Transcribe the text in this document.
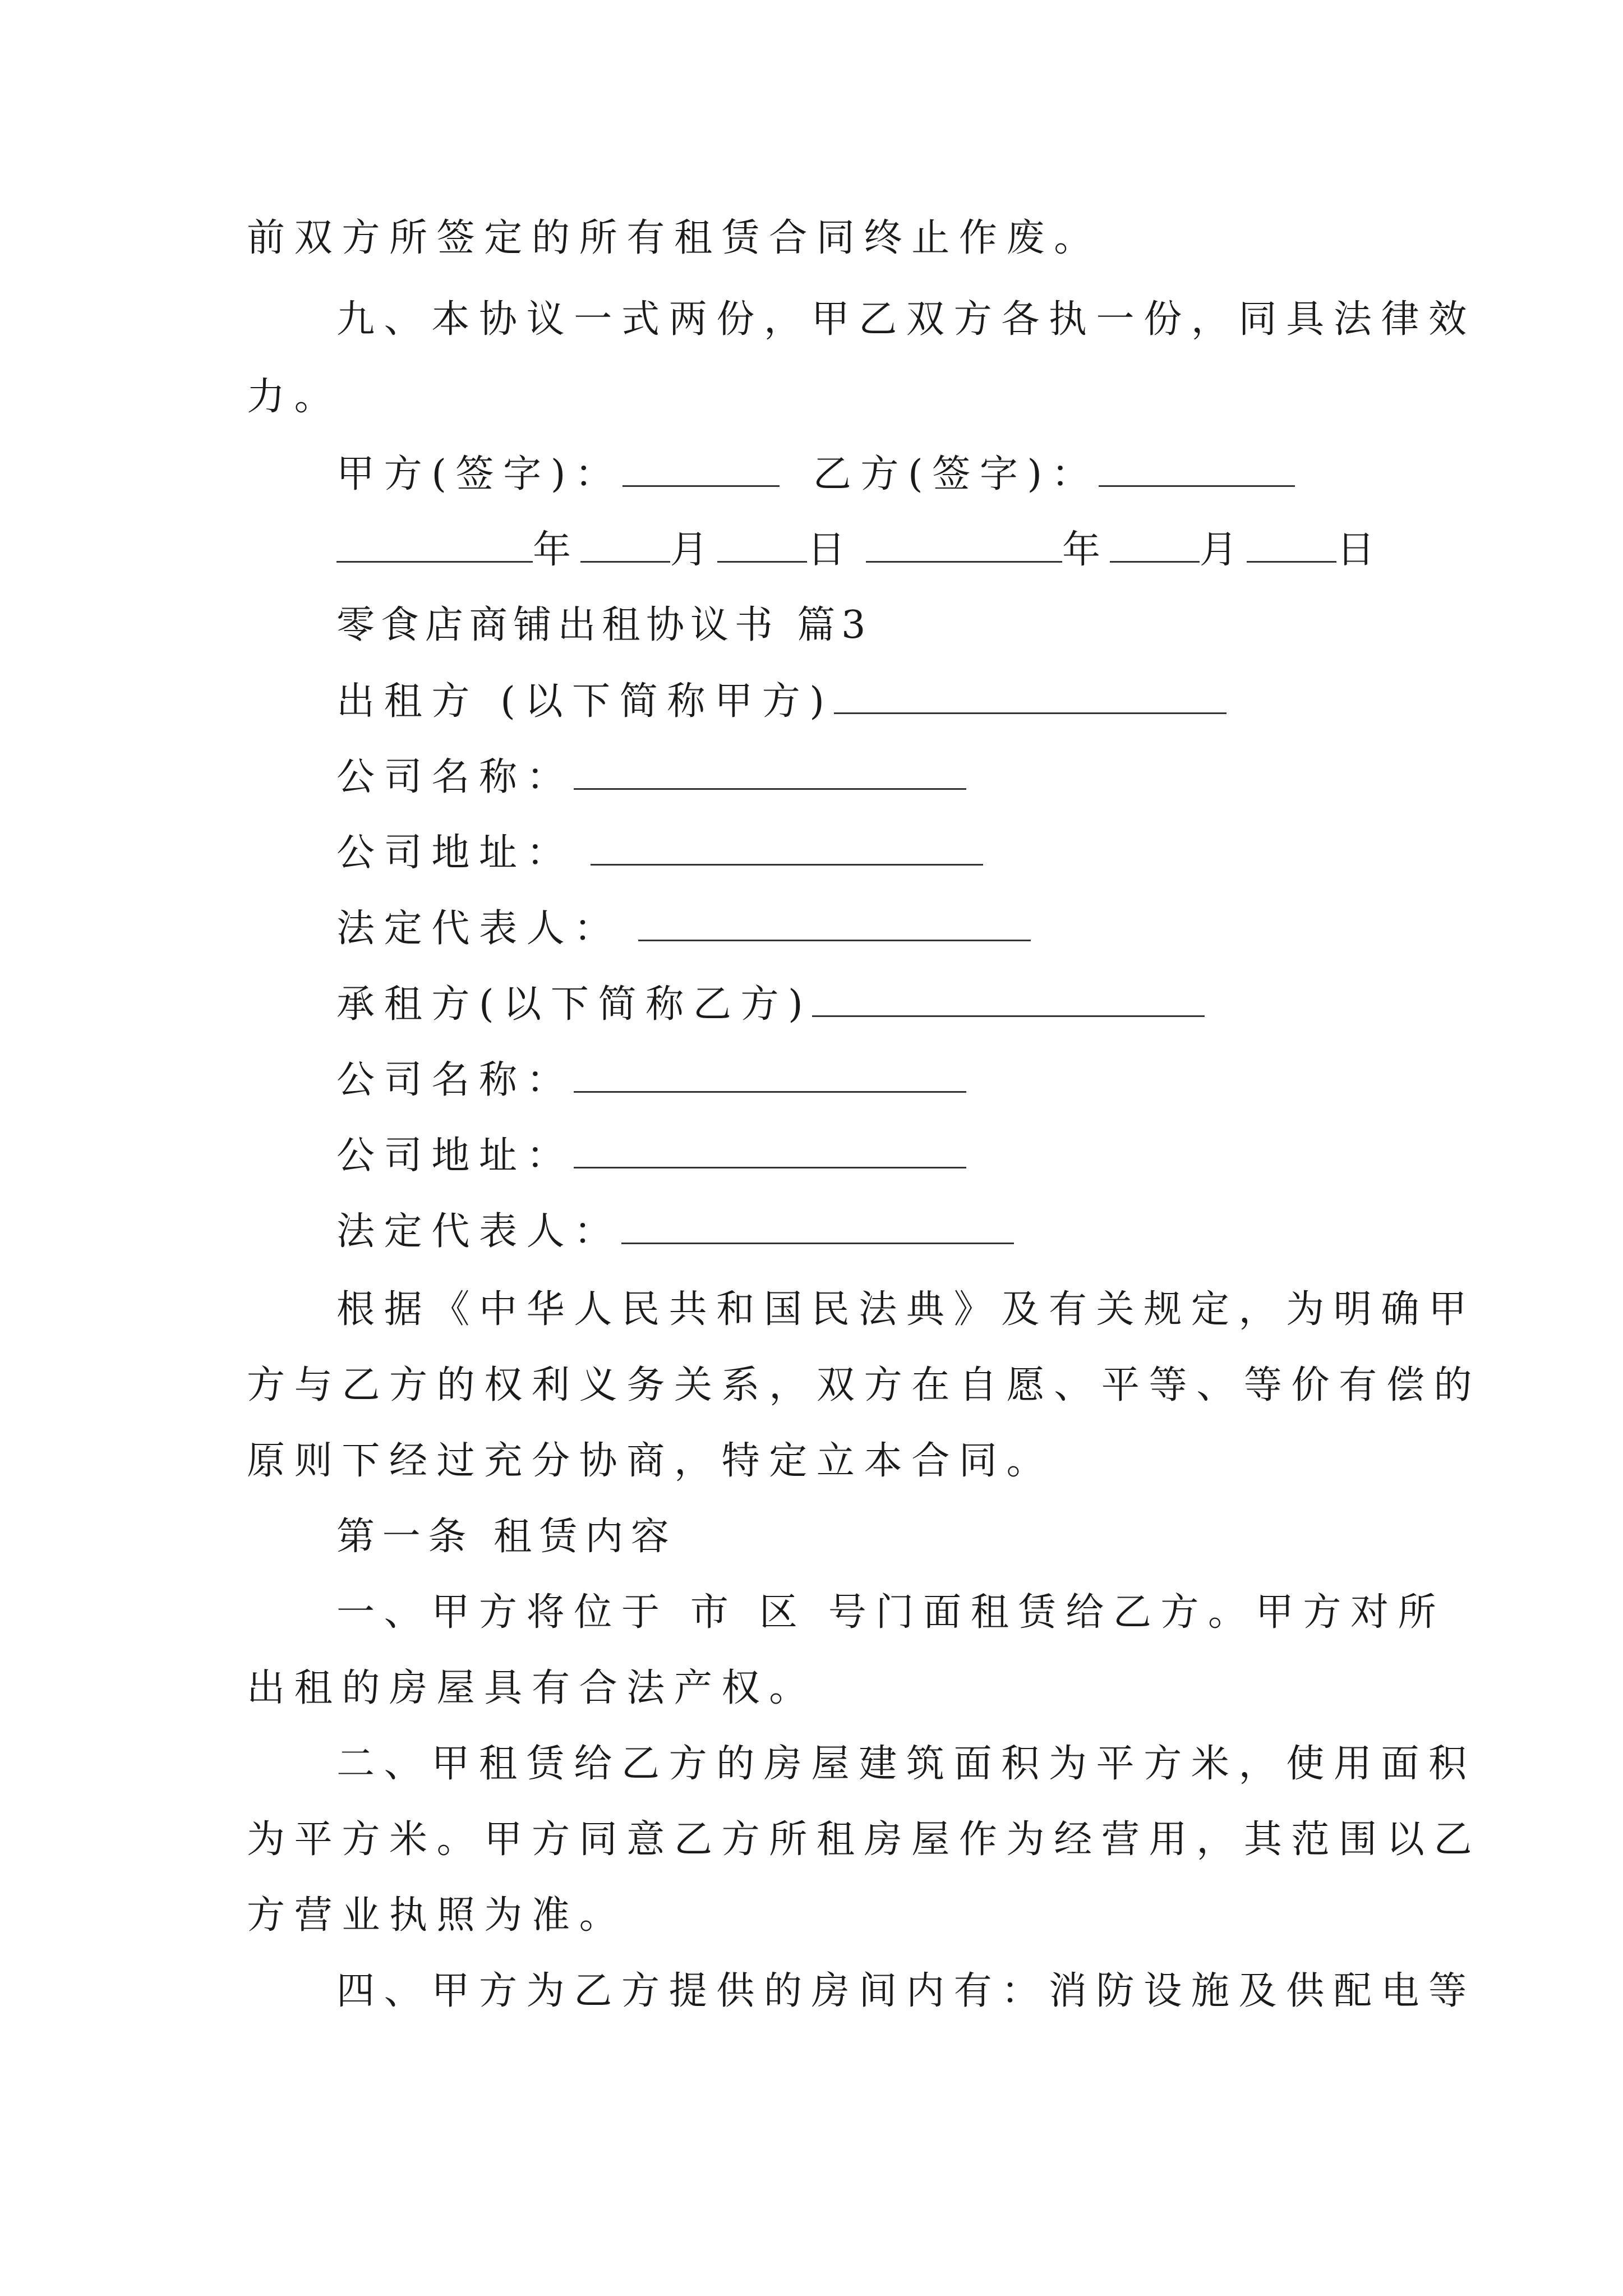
前双方所签定的所有租赁合同终止作废。
九、本协议一式两份，甲乙双方各执一份，同具法律效
力。
甲方(签字)：	乙方(签字)：
年 月 日	年 月 日
零食店商铺出租协议书 篇3
出租方 (以下简称甲方)
公司名称：
公司地址：
法定代表人：
承租方(以下简称乙方)
公司名称：
公司地址：
法定代表人：
根据《中华人民共和国民法典》及有关规定，为明确甲
方与乙方的权利义务关系，双方在自愿、平等、等价有偿的
原则下经过充分协商，特定立本合同。
第一条 租赁内容
一、甲方将位于 市 区 号门面租赁给乙方。甲方对所
出租的房屋具有合法产权。
二、甲租赁给乙方的房屋建筑面积为平方米，使用面积
为平方米。甲方同意乙方所租房屋作为经营用，其范围以乙
方营业执照为准。
四、甲方为乙方提供的房间内有：消防设施及供配电等
